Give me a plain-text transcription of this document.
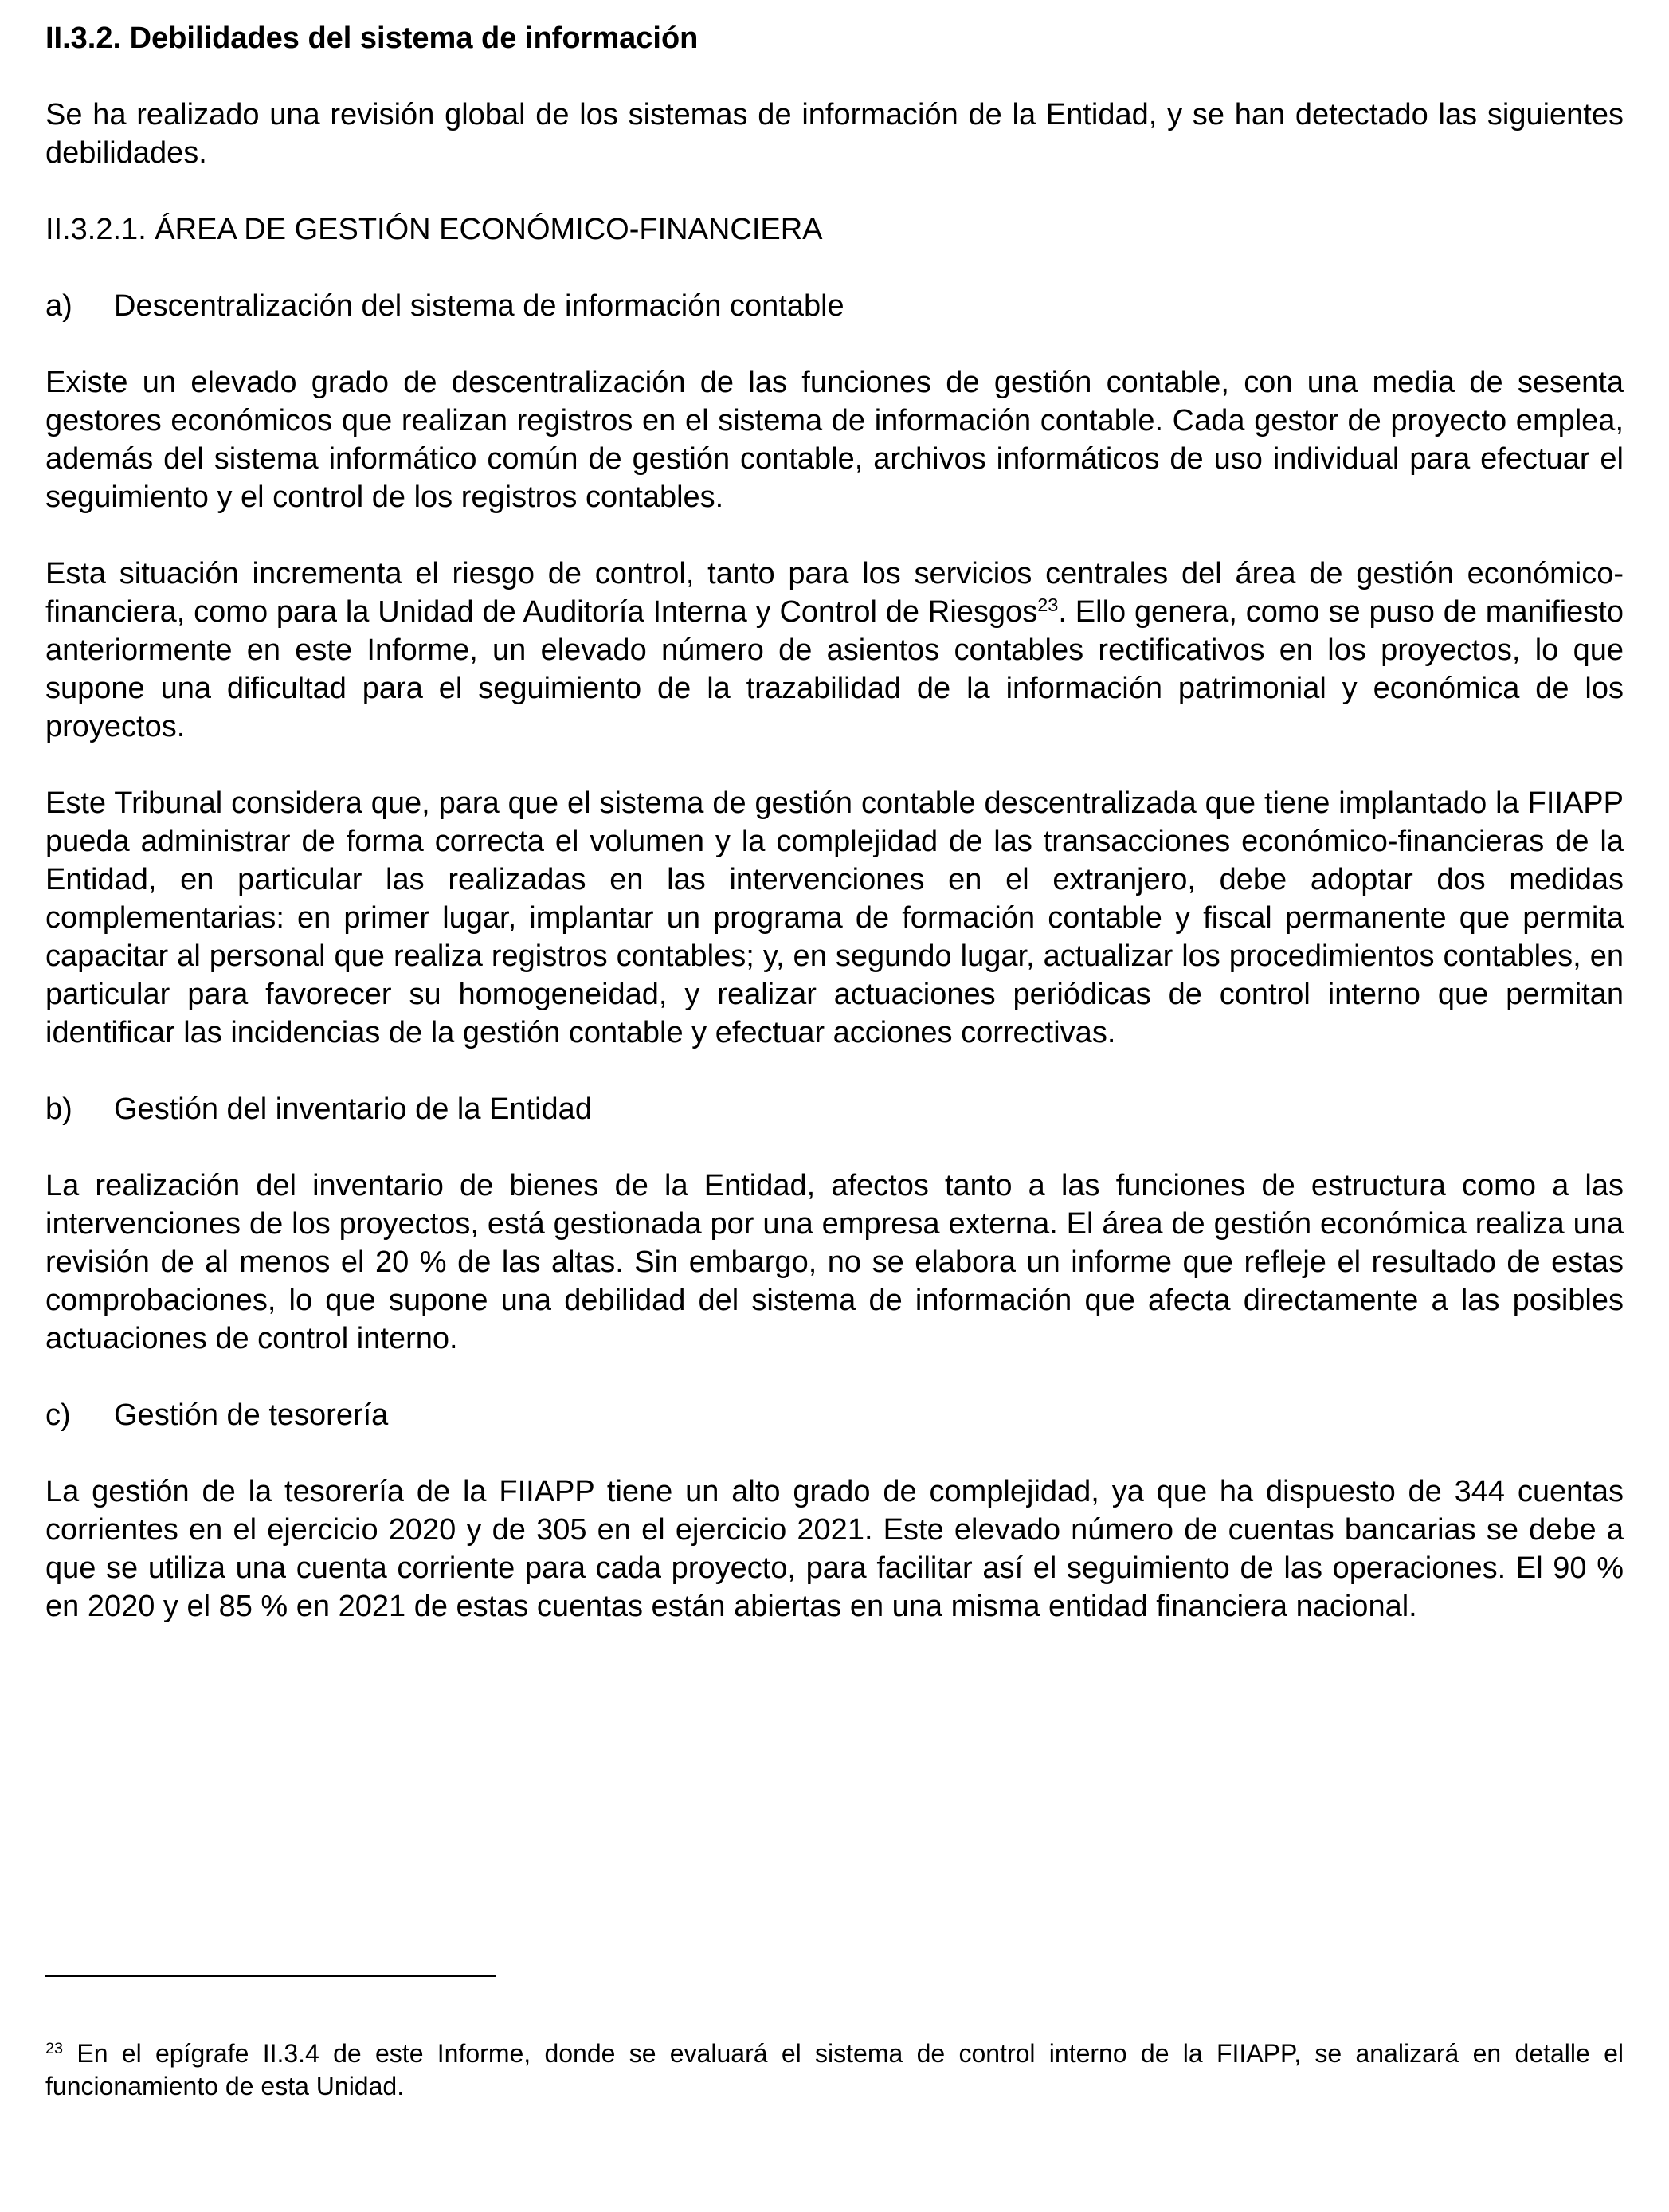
II.3.2. Debilidades del sistema de información

Se ha realizado una revisión global de los sistemas de información de la Entidad, y se han detectado las siguientes debilidades.

II.3.2.1. ÁREA DE GESTIÓN ECONÓMICO-FINANCIERA
a)	Descentralización del sistema de información contable

Existe un elevado grado de descentralización de las funciones de gestión contable, con una media de sesenta gestores económicos que realizan registros en el sistema de información contable. Cada gestor de proyecto emplea, además del sistema informático común de gestión contable, archivos informáticos de uso individual para efectuar el seguimiento y el control de los registros contables.

Esta situación incrementa el riesgo de control, tanto para los servicios centrales del área de gestión económico-financiera, como para la Unidad de Auditoría Interna y Control de Riesgos$^{23}$. Ello genera, como se puso de manifiesto anteriormente en este Informe, un elevado número de asientos contables rectificativos en los proyectos, lo que supone una dificultad para el seguimiento de la trazabilidad de la información patrimonial y económica de los proyectos.

Este Tribunal considera que, para que el sistema de gestión contable descentralizada que tiene implantado la FIIAPP pueda administrar de forma correcta el volumen y la complejidad de las transacciones económico-financieras de la Entidad, en particular las realizadas en las intervenciones en el extranjero, debe adoptar dos medidas complementarias: en primer lugar, implantar un programa de formación contable y fiscal permanente que permita capacitar al personal que realiza registros contables; y, en segundo lugar, actualizar los procedimientos contables, en particular para favorecer su homogeneidad, y realizar actuaciones periódicas de control interno que permitan identificar las incidencias de la gestión contable y efectuar acciones correctivas.

b)	Gestión del inventario de la Entidad

La realización del inventario de bienes de la Entidad, afectos tanto a las funciones de estructura como a las intervenciones de los proyectos, está gestionada por una empresa externa. El área de gestión económica realiza una revisión de al menos el 20 % de las altas. Sin embargo, no se elabora un informe que refleje el resultado de estas comprobaciones, lo que supone una debilidad del sistema de información que afecta directamente a las posibles actuaciones de control interno.

c)	Gestión de tesorería

La gestión de la tesorería de la FIIAPP tiene un alto grado de complejidad, ya que ha dispuesto de 344 cuentas corrientes en el ejercicio 2020 y de 305 en el ejercicio 2021. Este elevado número de cuentas bancarias se debe a que se utiliza una cuenta corriente para cada proyecto, para facilitar así el seguimiento de las operaciones. El 90 % en 2020 y el 85 % en 2021 de estas cuentas están abiertas en una misma entidad financiera nacional.

$^{23}$ En el epígrafe II.3.4 de este Informe, donde se evaluará el sistema de control interno de la FIIAPP, se analizará en detalle el funcionamiento de esta Unidad.
